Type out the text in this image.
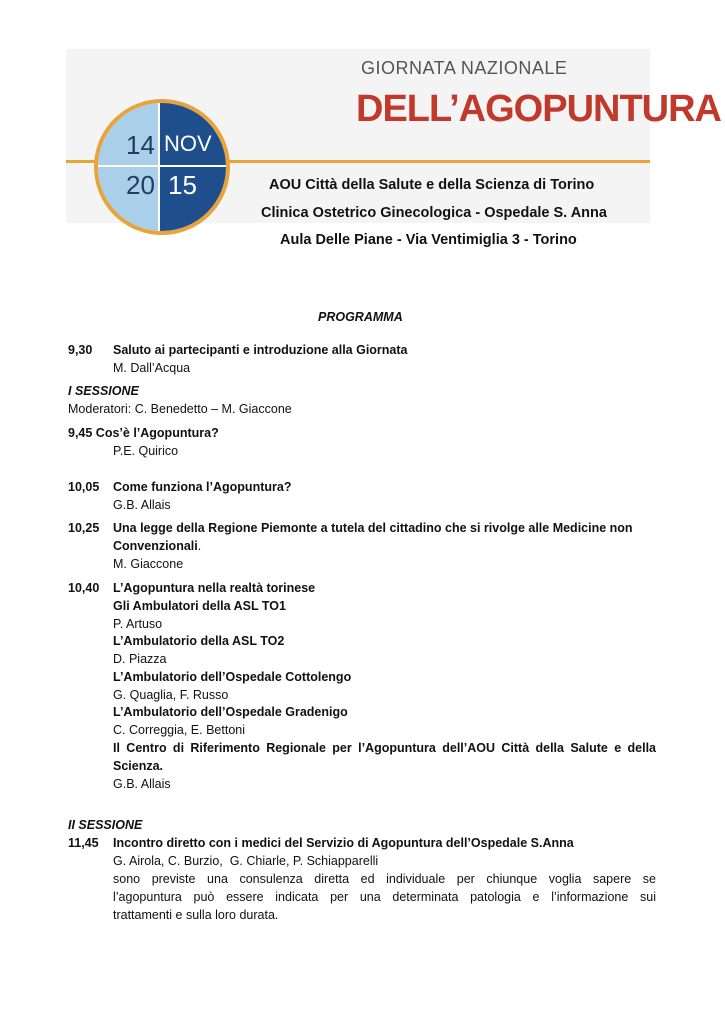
14 NOV
20 15
GIORNATA NAZIONALE
DELL’AGOPUNTURA
AOU Città della Salute e della Scienza di Torino
Clinica Ostetrico Ginecologica - Ospedale S. Anna
Aula Delle Piane - Via Ventimiglia 3 - Torino
PROGRAMMA
9,30 Saluto ai partecipanti e introduzione alla Giornata
M. Dall’Acqua
I SESSIONE
Moderatori: C. Benedetto – M. Giaccone
9,45 Cos’è l’Agopuntura?
P.E. Quirico
10,05 Come funziona l’Agopuntura?
G.B. Allais
10,25 Una legge della Regione Piemonte a tutela del cittadino che si rivolge alle Medicine non
Convenzionali.
M. Giaccone
10,40 L’Agopuntura nella realtà torinese
Gli Ambulatori della ASL TO1
P. Artuso
L’Ambulatorio della ASL TO2
D. Piazza
L’Ambulatorio dell’Ospedale Cottolengo
G. Quaglia, F. Russo
L’Ambulatorio dell’Ospedale Gradenigo
C. Correggia, E. Bettoni
Il Centro di Riferimento Regionale per l’Agopuntura dell’AOU Città della Salute e della
Scienza.
G.B. Allais
II SESSIONE
11,45 Incontro diretto con i medici del Servizio di Agopuntura dell’Ospedale S.Anna
G. Airola, C. Burzio,  G. Chiarle, P. Schiapparelli
sono previste una consulenza diretta ed individuale per chiunque voglia sapere se
l’agopuntura può essere indicata per una determinata patologia e l’informazione sui
trattamenti e sulla loro durata.
